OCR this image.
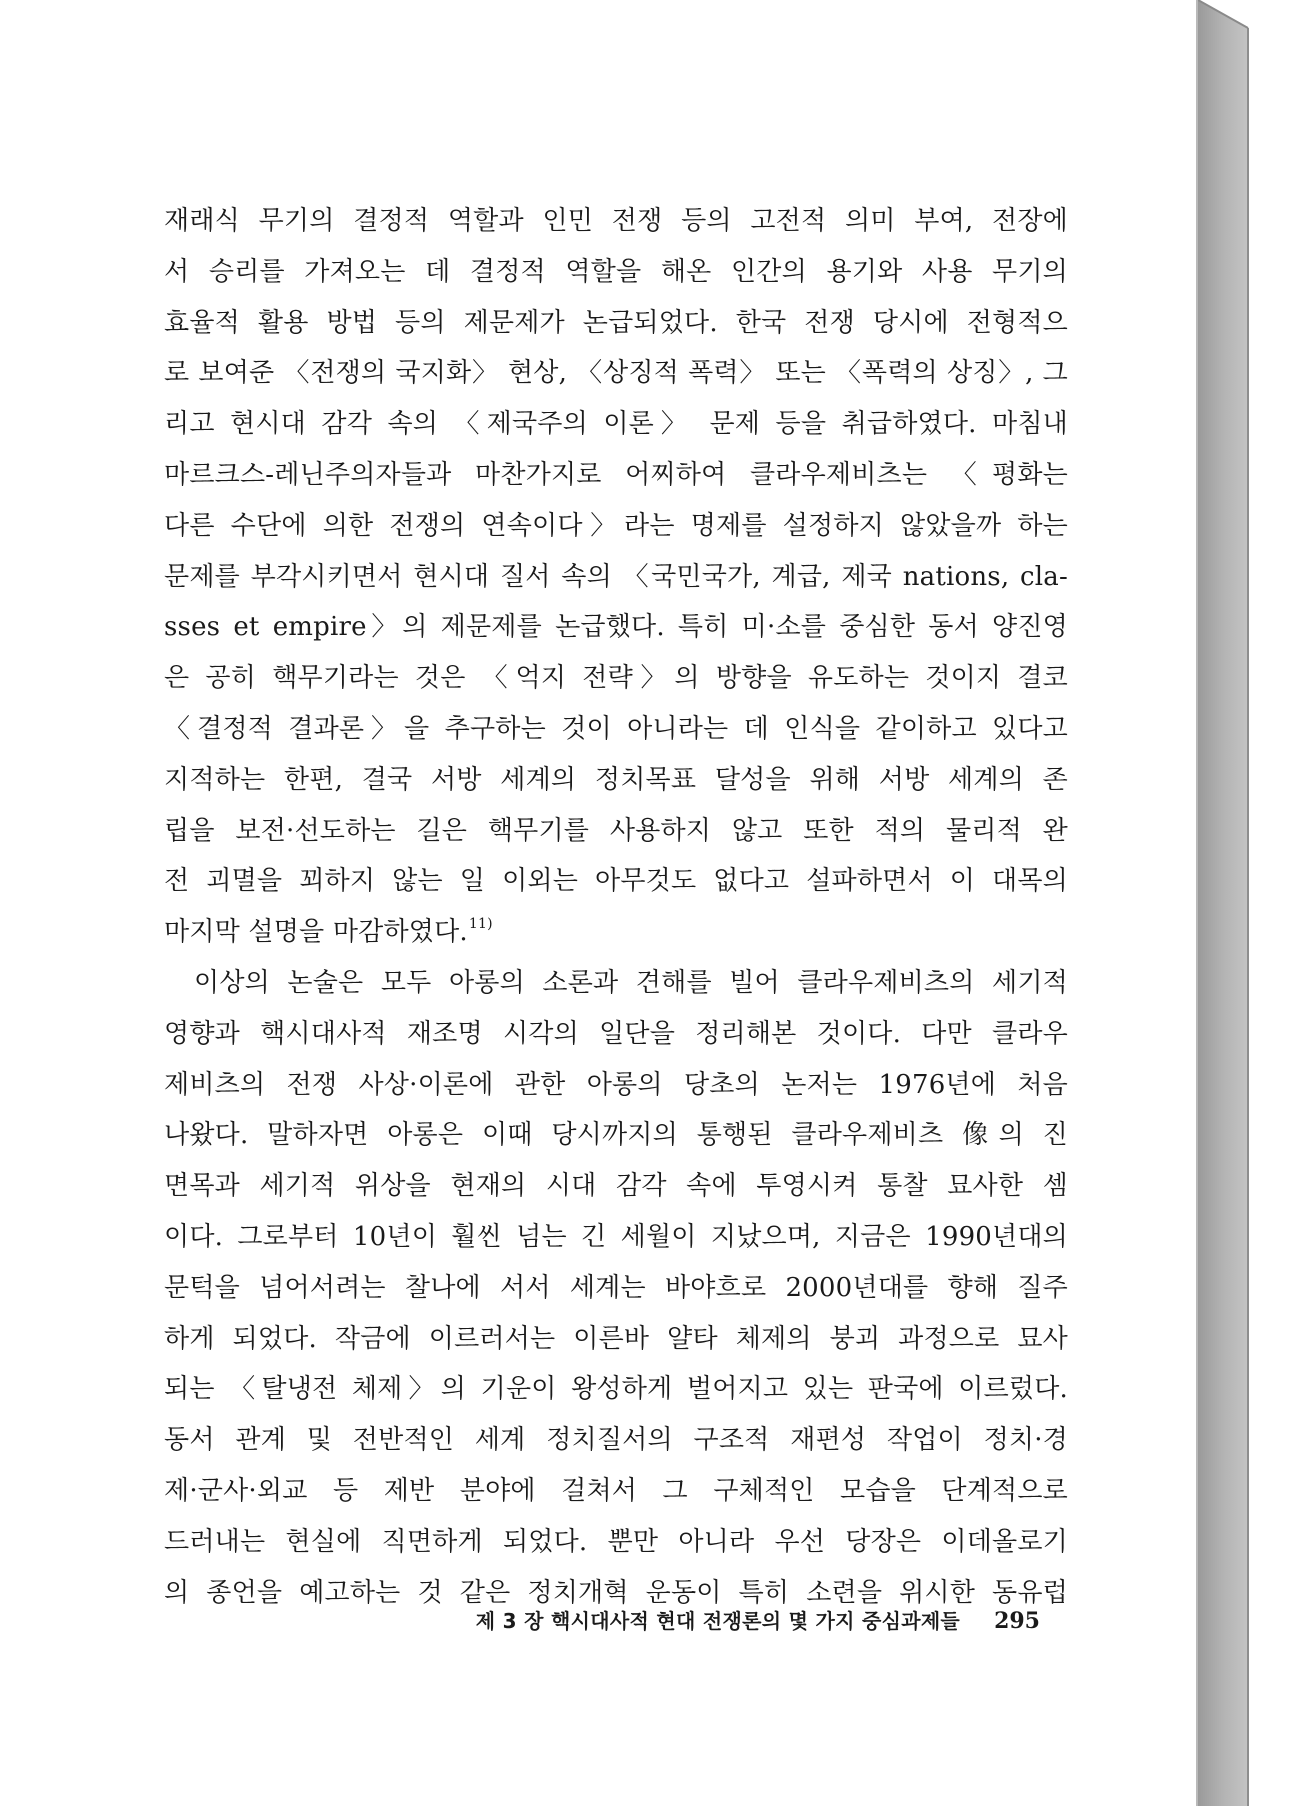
재래식 무기의 결정적 역할과 인민 전쟁 등의 고전적 의미 부여, 전장에
서 승리를 가져오는 데 결정적 역할을 해온 인간의 용기와 사용 무기의
효율적 활용 방법 등의 제문제가 논급되었다. 한국 전쟁 당시에 전형적으
로 보여준 〈전쟁의 국지화〉 현상, 〈상징적 폭력〉 또는 〈폭력의 상징〉, 그
리고 현시대 감각 속의 〈제국주의 이론〉 문제 등을 취급하였다. 마침내
마르크스-레닌주의자들과 마찬가지로 어찌하여 클라우제비츠는 〈평화는
다른 수단에 의한 전쟁의 연속이다〉라는 명제를 설정하지 않았을까 하는
문제를 부각시키면서 현시대 질서 속의 〈국민국가, 계급, 제국 nations, cla-
sses et empire〉의 제문제를 논급했다. 특히 미·소를 중심한 동서 양진영
은 공히 핵무기라는 것은 〈억지 전략〉의 방향을 유도하는 것이지 결코
〈결정적 결과론〉을 추구하는 것이 아니라는 데 인식을 같이하고 있다고
지적하는 한편, 결국 서방 세계의 정치목표 달성을 위해 서방 세계의 존
립을 보전·선도하는 길은 핵무기를 사용하지 않고 또한 적의 물리적 완
전 괴멸을 꾀하지 않는 일 이외는 아무것도 없다고 설파하면서 이 대목의
마지막 설명을 마감하였다.$^{11)}$
이상의 논술은 모두 아롱의 소론과 견해를 빌어 클라우제비츠의 세기적
영향과 핵시대사적 재조명 시각의 일단을 정리해본 것이다. 다만 클라우
제비츠의 전쟁 사상·이론에 관한 아롱의 당초의 논저는 1976년에 처음
나왔다. 말하자면 아롱은 이때 당시까지의 통행된 클라우제비츠 像의 진
면목과 세기적 위상을 현재의 시대 감각 속에 투영시켜 통찰 묘사한 셈
이다. 그로부터 10년이 훨씬 넘는 긴 세월이 지났으며, 지금은 1990년대의
문턱을 넘어서려는 찰나에 서서 세계는 바야흐로 2000년대를 향해 질주
하게 되었다. 작금에 이르러서는 이른바 얄타 체제의 붕괴 과정으로 묘사
되는 〈탈냉전 체제〉의 기운이 왕성하게 벌어지고 있는 판국에 이르렀다.
동서 관계 및 전반적인 세계 정치질서의 구조적 재편성 작업이 정치·경
제·군사·외교 등 제반 분야에 걸쳐서 그 구체적인 모습을 단계적으로
드러내는 현실에 직면하게 되었다. 뿐만 아니라 우선 당장은 이데올로기
의 종언을 예고하는 것 같은 정치개혁 운동이 특히 소련을 위시한 동유럽
제 3 장 핵시대사적 현대 전쟁론의 몇 가지 중심과제들 295
